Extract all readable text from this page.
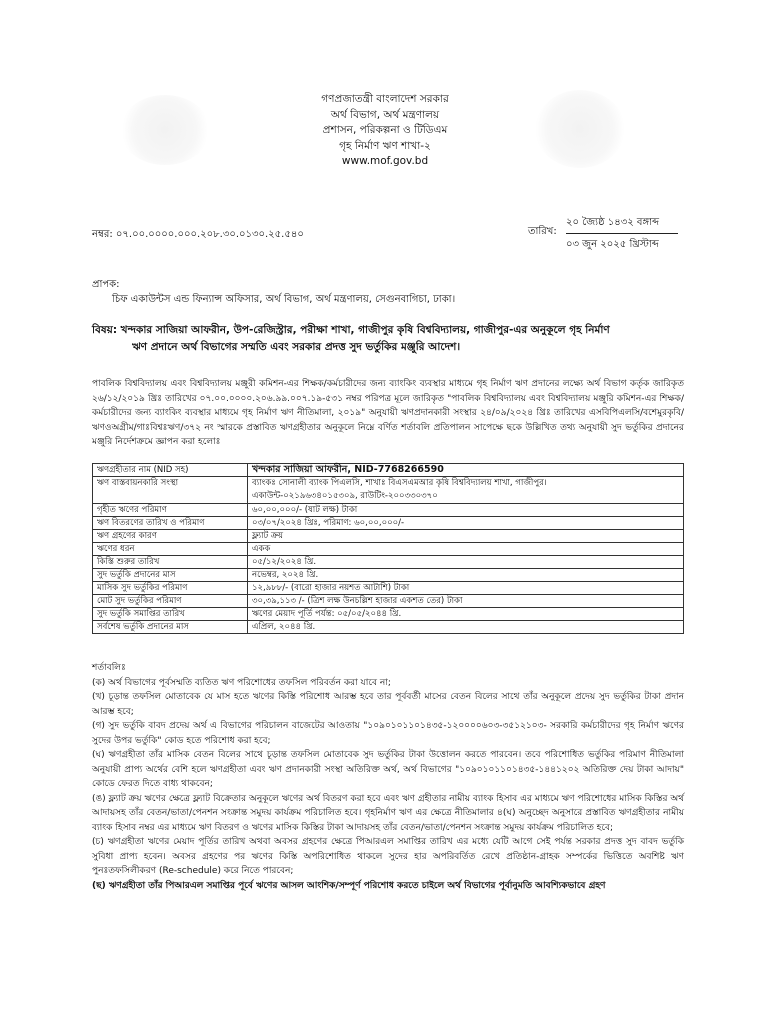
গণপ্রজাতন্ত্রী বাংলাদেশ সরকার
অর্থ বিভাগ, অর্থ মন্ত্রণালয়
প্রশাসন, পরিকল্পনা ও টিডিএম
গৃহ নির্মাণ ঋণ শাখা-২
www.mof.gov.bd
নম্বর: ০৭.০০.০০০০.০০০.২০৮.৩০.০১৩০.২৫.৫৪০	তারিখ:
২০ জ্যৈষ্ঠ ১৪৩২ বঙ্গাব্দ
০৩ জুন ২০২৫ খ্রিস্টাব্দ
প্রাপক:
চিফ একাউন্টস এন্ড ফিন্যান্স অফিসার, অর্থ বিভাগ, অর্থ মন্ত্রণালয়, সেগুনবাগিচা, ঢাকা।
বিষয়: খন্দকার সাজিয়া আফরীন, উপ-রেজিস্ট্রার, পরীক্ষা শাখা, গাজীপুর কৃষি বিশ্ববিদ্যালয়, গাজীপুর-এর অনুকূলে গৃহ নির্মাণ
ঋণ প্রদানে অর্থ বিভাগের সম্মতি এবং সরকার প্রদত্ত সুদ ভর্তুকির মঞ্জুরি আদেশ।
পাবলিক বিশ্ববিদ্যালয় এবং বিশ্ববিদ্যালয় মঞ্জুরী কমিশন-এর শিক্ষক/কর্মচারীদের জন্য ব্যাংকিং ব্যবস্থার মাধ্যমে গৃহ নির্মাণ ঋণ প্রদানের লক্ষ্যে অর্থ বিভাগ কর্তৃক জারিকৃত ২৬/১২/২০১৯ খ্রিঃ তারিখের ০৭.০০.০০০০.২০৬.৯৯.০০৭.১৯-৫৩১ নম্বর পরিপত্র মূলে জারিকৃত "পাবলিক বিশ্ববিদ্যালয় এবং বিশ্ববিদ্যালয় মঞ্জুরি কমিশন-এর শিক্ষক/কর্মচারীদের জন্য ব্যাংকিং ব্যবস্থার মাধ্যমে গৃহ নির্মাণ ঋণ নীতিমালা, ২০১৯" অনুযায়ী ঋণপ্রদানকারী সংস্থার ২৪/০৯/২০২৪ খ্রিঃ তারিখের এসবিপিএলসি/বশেমুরকৃবি/ঋণওঅগ্রীম/গাঃবিশ্বঃঋণ/৩৭২ নং স্মারকে প্রস্তাবিত ঋণগ্রহীতার অনুকূলে নিম্নে বর্ণিত শর্তাবলি প্রতিপালন সাপেক্ষে ছকে উল্লিখিত তথ্য অনুযায়ী সুদ ভর্তুকির প্রদানের মঞ্জুরি নির্দেশক্রমে জ্ঞাপন করা হলোঃ
ঋণগ্রহীতার নাম (NID সহ)	খন্দকার সাজিয়া আফরীন, NID-7768266590
ঋণ বাস্তবায়নকারি সংস্থা	ব্যাংকঃ সোনালী ব্যাংক পিএলসি, শাখাঃ বিএসএমআর কৃষি বিশ্ববিদ্যালয় শাখা, গাজীপুর।
একাউন্ট-০২১৯৬৩৪০১৫৩০৯, রাউটিং-২০০৩৩০৩৭০

গৃহীত ঋণের পরিমাণ	৬০,০০,০০০/- (ষাট লক্ষ) টাকা
ঋণ বিতরণের তারিখ ও পরিমাণ	০৩/০৭/২০২৪ খ্রিঃ, পরিমাণ: ৬০,০০,০০০/-
ঋণ গ্রহণের কারণ	ফ্ল্যাট ক্রয়
ঋণের ধরন	একক
কিস্তি শুরুর তারিখ	০৫/১২/২০২৪ খ্রি.
সুদ ভর্তুকি প্রদানের মাস	নভেম্বর, ২০২৪ খ্রি.
মাসিক সুদ ভর্তুকির পরিমাণ	১২,৯৮৮/- (বারো হাজার নয়শত আটাশি) টাকা
মোট সুদ ভর্তুকির পরিমাণ	৩০,৩৯,১১৩ /- (ত্রিশ লক্ষ উনচল্লিশ হাজার একশত তের) টাকা
সুদ ভর্তুকি সমাপ্তির তারিখ	ঋণের মেয়াদ পূর্তি পর্যন্ত: ০৫/০৫/২০৪৪ খ্রি.
সর্বশেষ ভর্তুকি প্রদানের মাস	এপ্রিল, ২০৪৪ খ্রি.

শর্তাবলিঃ

(ক) অর্থ বিভাগের পূর্বসম্মতি ব্যতিত ঋণ পরিশোধের তফসিল পরিবর্তন করা যাবে না;

(খ) চূড়ান্ত তফসিল মোতাবেক যে মাস হতে ঋণের কিস্তি পরিশোধ আরম্ভ হবে তার পূর্ববর্তী মাসের বেতন বিলের সাথে তাঁর অনুকূলে প্রদেয় সুদ ভর্তুকির টাকা প্রদান আরম্ভ হবে;

(গ) সুদ ভর্তুকি বাবদ প্রদেয় অর্থ এ বিভাগের পরিচালন বাজেটের আওতায় "১০৯০১০১১০১৪৩৫-১২০০০০৬০৩-৩৫১২১০৩- সরকারি কর্মচারীদের গৃহ নির্মাণ ঋণের সুদের উপর ভর্তুকি" কোড হতে পরিশোধ করা হবে;

(ঘ) ঋণগ্রহীতা তাঁর মাসিক বেতন বিলের সাথে চূড়ান্ত তফসিল মোতাবেক সুদ ভর্তুকির টাকা উত্তোলন করতে পারবেন। তবে পরিশোধিত ভর্তুকির পরিমাণ নীতিমালা অনুযায়ী প্রাপ্য অর্থের বেশি হলে ঋণগ্রহীতা এবং ঋণ প্রদানকারী সংস্থা অতিরিক্ত অর্থ, অর্থ বিভাগের "১০৯০১০১১০১৪৩৫-১৪৪১২০২ অতিরিক্ত দেয় টাকা আদায়" কোডে ফেরত দিতে বাধ্য থাকবেন;

(ঙ) ফ্ল্যাট ক্রয় ঋণের ক্ষেত্রে ফ্ল্যাট বিক্রেতার অনুকূলে ঋণের অর্থ বিতরণ করা হবে এবং ঋণ গ্রহীতার নামীয় ব্যাংক হিসাব এর মাধ্যমে ঋণ পরিশোধের মাসিক কিস্তির অর্থ আদায়সহ তাঁর বেতন/ভাতা/পেনশন সংক্রান্ত সমুদয় কার্যক্রম পরিচালিত হবে। গৃহনির্মাণ ঋণ এর ক্ষেত্রে নীতিমালার ৪(ঘ) অনুচ্ছেদ অনুসারে প্রস্তাবিত ঋণগ্রহীতার নামীয় ব্যাংক হিসাব নম্বর এর মাধ্যমে ঋণ বিতরণ ও ঋণের মাসিক কিস্তির টাকা আদায়সহ তাঁর বেতন/ভাতা/পেনশন সংক্রান্ত সমুদয় কার্যক্রম পরিচালিত হবে;

(চ) ঋণগ্রহীতা ঋণের মেয়াদ পূর্তির তারিখ অথবা অবসর গ্রহণের ক্ষেত্রে পিআরএল সমাপ্তির তারিখ এর মধ্যে যেটি আগে সেই পর্যন্ত সরকার প্রদত্ত সুদ বাবদ ভর্তুকি সুবিধা প্রাপ্য হবেন। অবসর গ্রহণের পর ঋণের কিস্তি অপরিশোধিত থাকলে সুদের হার অপরিবর্তিত রেখে প্রতিষ্ঠান-গ্রাহক সম্পর্কের ভিত্তিতে অবশিষ্ট ঋণ পুনঃতফসিলীকরণ (Re-schedule) করে নিতে পারবেন;

(ছ) ঋণগ্রহীতা তাঁর পিআরএল সমাপ্তির পূর্বে ঋণের আসল আংশিক/সম্পূর্ণ পরিশোধ করতে চাইলে অর্থ বিভাগের পূর্বানুমতি আবশ্যিকভাবে গ্রহণ
